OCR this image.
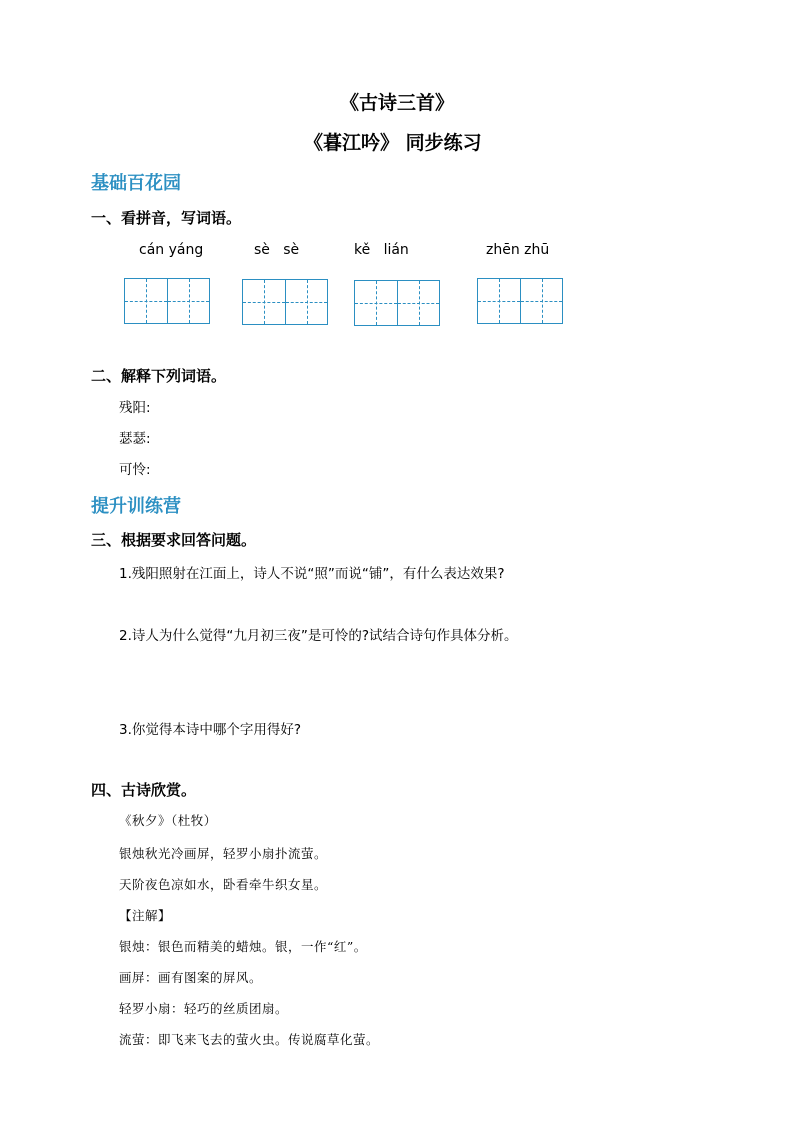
《古诗三首》
《暮江吟》 同步练习
基础百花园
一、看拼音，写词语。
cán yáng	sè   sè	kě   lián	zhēn zhū
二、解释下列词语。
残阳:
瑟瑟:
可怜:
提升训练营
三、根据要求回答问题。
1.残阳照射在江面上，诗人不说“照”而说“铺”，有什么表达效果?
2.诗人为什么觉得“九月初三夜”是可怜的?试结合诗句作具体分析。
3.你觉得本诗中哪个字用得好?
四、古诗欣赏。
《秋夕》（杜牧）
银烛秋光冷画屏，轻罗小扇扑流萤。
天阶夜色凉如水，卧看牵牛织女星。
【注解】
银烛：银色而精美的蜡烛。银，一作“红”。
画屏：画有图案的屏风。
轻罗小扇：轻巧的丝质团扇。
流萤：即飞来飞去的萤火虫。传说腐草化萤。
